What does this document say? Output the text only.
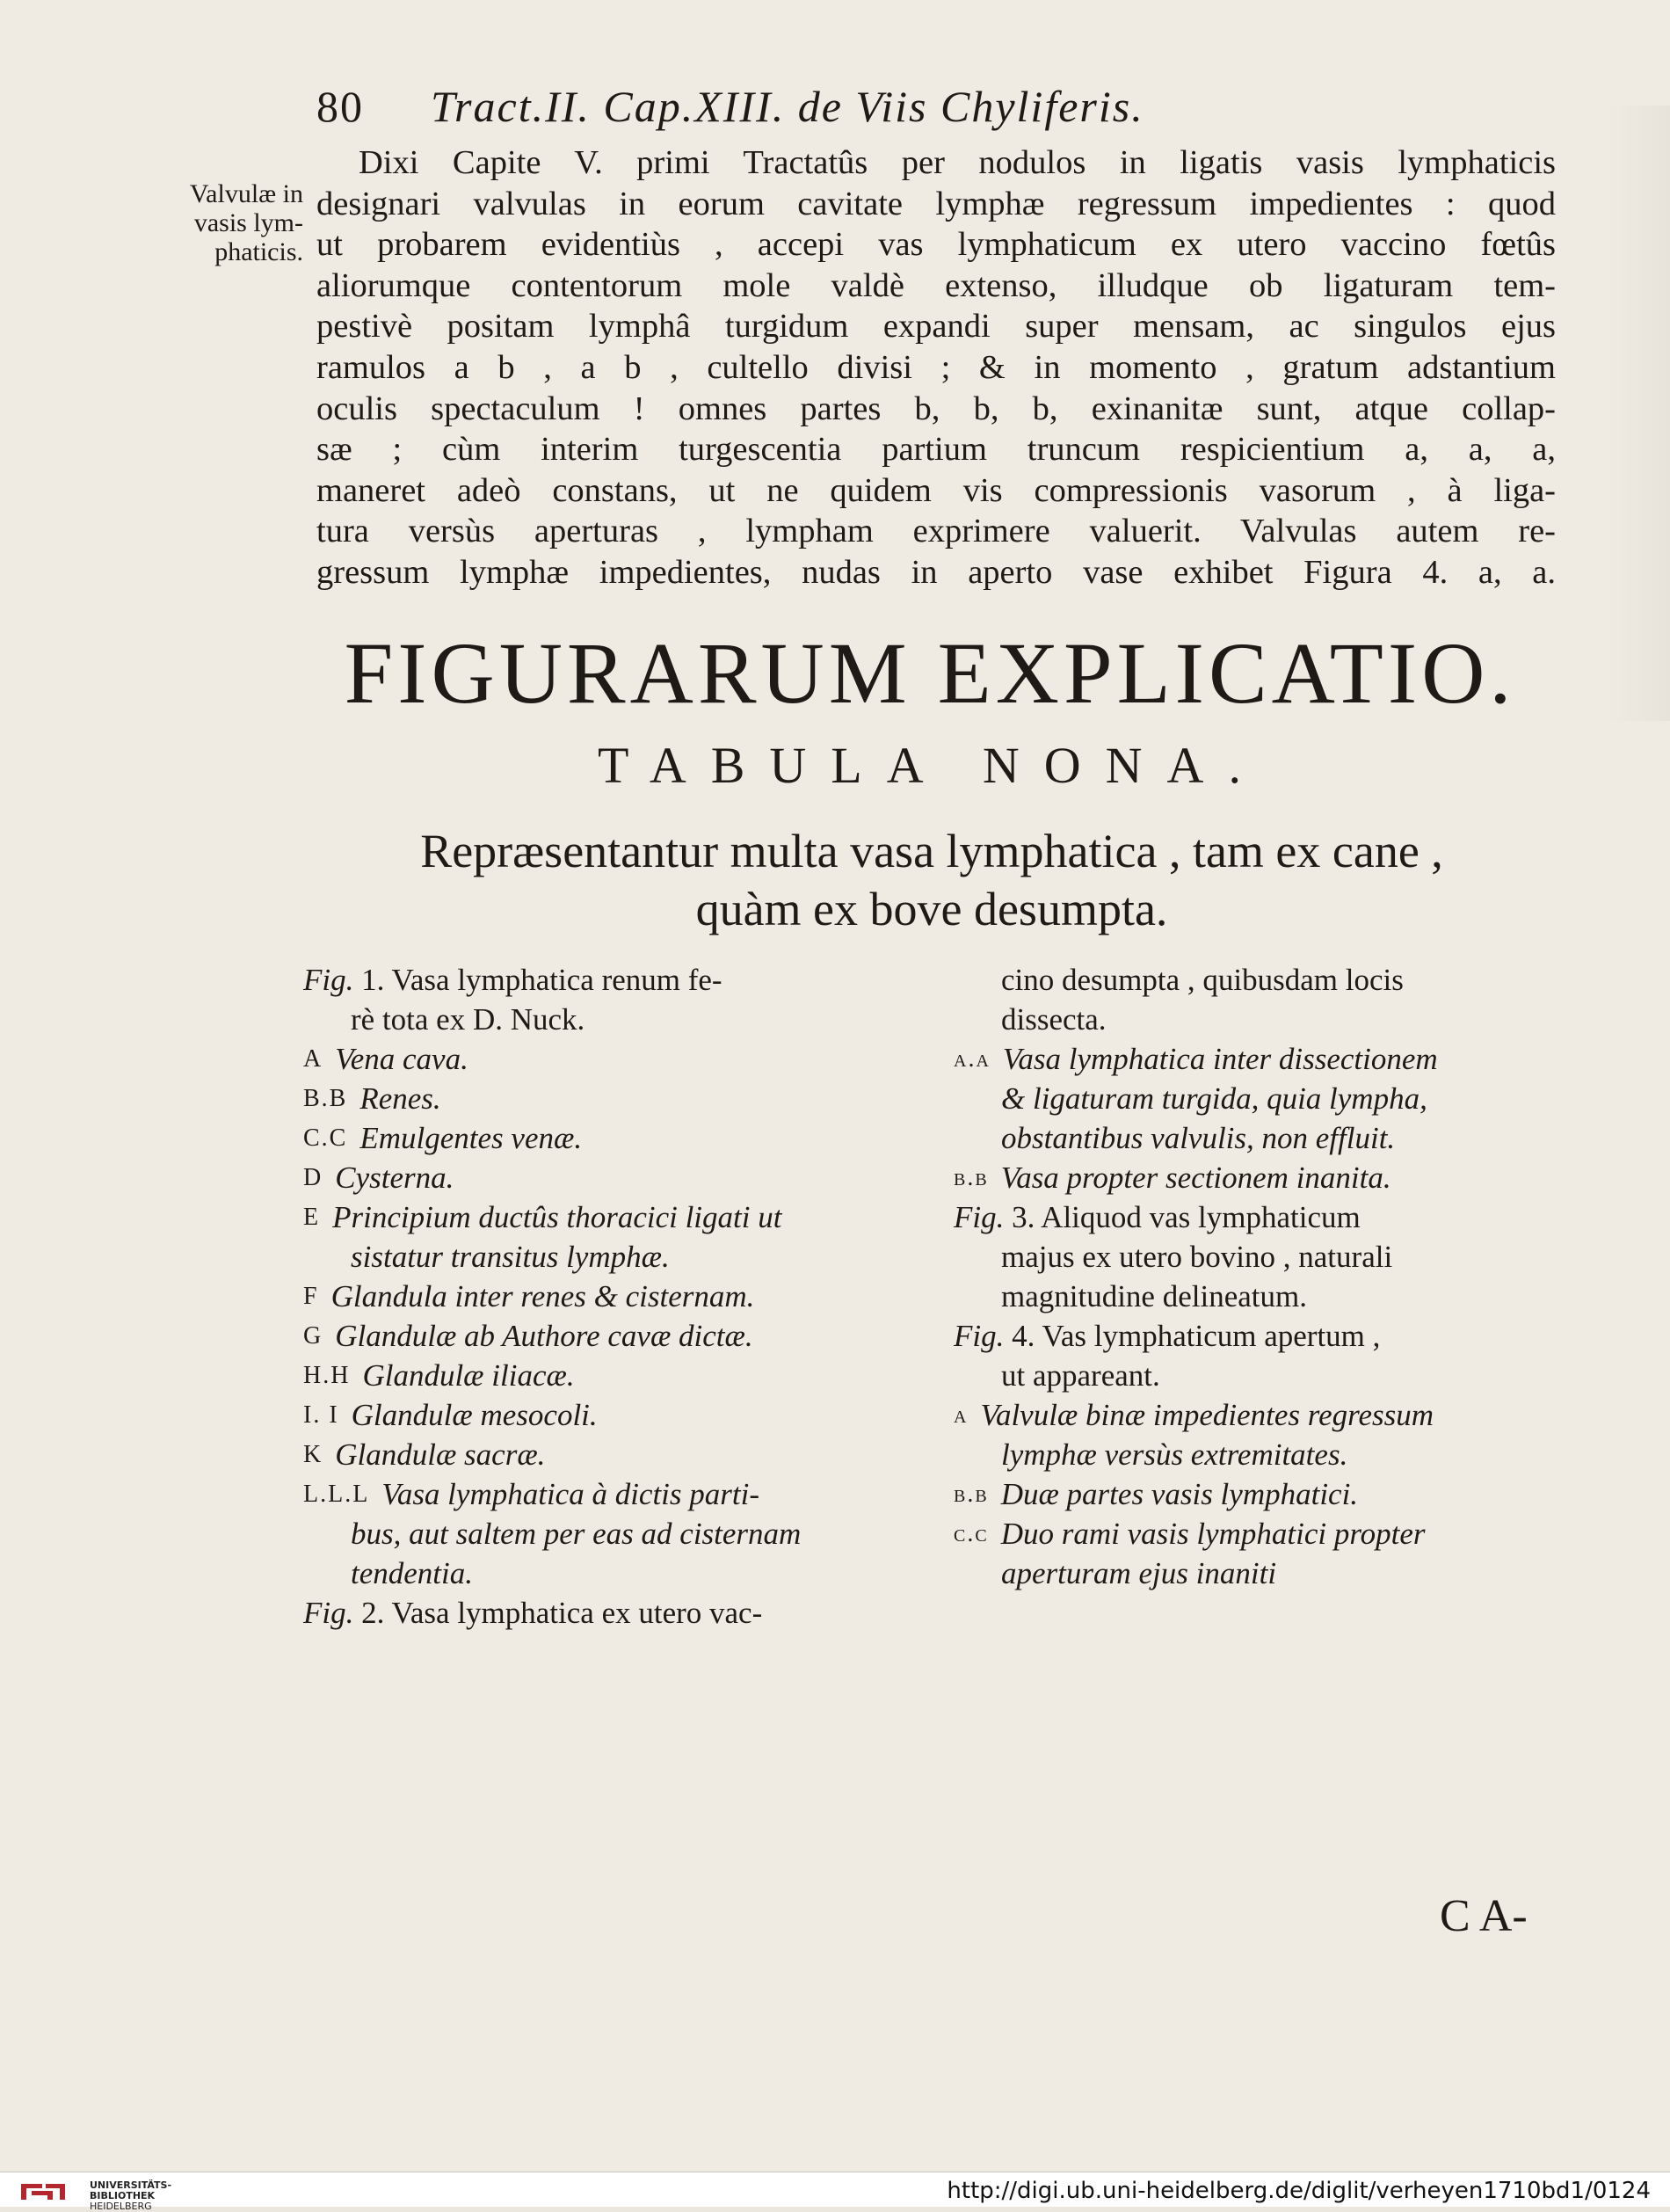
80 Tract.II. Cap.XIII. de Viis Chyliferis.
Valvulæ in
vasis lym-
phaticis.
Dixi Capite V. primi Tractatûs per nodulos in ligatis vasis lymphaticis
designari valvulas in eorum cavitate lymphæ regressum impedientes : quod
ut probarem evidentiùs , accepi vas lymphaticum ex utero vaccino fœtûs
aliorumque contentorum mole valdè extenso, illudque ob ligaturam tem-
pestivè positam lymphâ turgidum expandi super mensam, ac singulos ejus
ramulos a b , a b , cultello divisi ; & in momento , gratum adstantium
oculis spectaculum ! omnes partes b, b, b, exinanitæ sunt, atque collap-
sæ ; cùm interim turgescentia partium truncum respicientium a, a, a,
maneret adeò constans, ut ne quidem vis compressionis vasorum , à liga-
tura versùs aperturas , lympham exprimere valuerit. Valvulas autem re-
gressum lymphæ impedientes, nudas in aperto vase exhibet Figura 4. a, a.
FIGURARUM EXPLICATIO.
TABULA NONA.
Repræsentantur multa vasa lymphatica , tam ex cane ,
quàm ex bove desumpta.
Fig. 1. Vasa lymphatica renum fe-
rè tota ex D. Nuck.
A Vena cava.
B.B Renes.
C.C Emulgentes venæ.
D Cysterna.
E Principium ductûs thoracici ligati ut
sistatur transitus lymphæ.
F Glandula inter renes & cisternam.
G Glandulæ ab Authore cavæ dictæ.
H.H Glandulæ iliacæ.
I. I Glandulæ mesocoli.
K Glandulæ sacræ.
L.L.L Vasa lymphatica à dictis parti-
bus, aut saltem per eas ad cisternam
tendentia.
Fig. 2. Vasa lymphatica ex utero vac-
cino desumpta , quibusdam locis
dissecta.
a.a Vasa lymphatica inter dissectionem
& ligaturam turgida, quia lympha,
obstantibus valvulis, non effluit.
b.b Vasa propter sectionem inanita.
Fig. 3. Aliquod vas lymphaticum
majus ex utero bovino , naturali
magnitudine delineatum.
Fig. 4. Vas lymphaticum apertum ,
ut appareant.
a Valvulæ binæ impedientes regressum
lymphæ versùs extremitates.
b.b Duæ partes vasis lymphatici.
c.c Duo rami vasis lymphatici propter
aperturam ejus inaniti
C A-
UNIVERSITÄTS-
BIBLIOTHEK
HEIDELBERG
http://digi.ub.uni-heidelberg.de/diglit/verheyen1710bd1/0124
